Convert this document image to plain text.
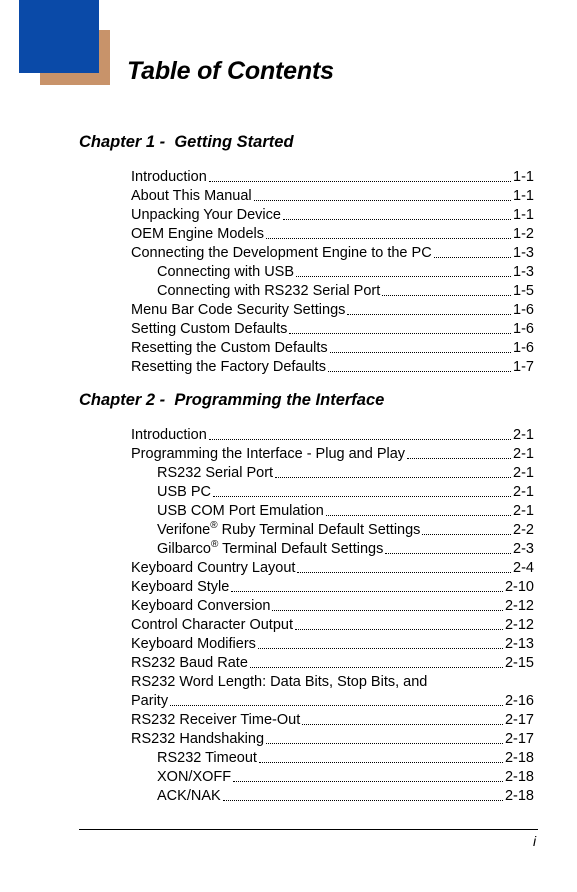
Table of Contents
Chapter 1 -  Getting Started
Introduction	1-1
About This Manual	1-1
Unpacking Your Device	1-1
OEM Engine Models	1-2
Connecting the Development Engine to the PC	1-3
Connecting with USB	1-3
Connecting with RS232 Serial Port	1-5
Menu Bar Code Security Settings	1-6
Setting Custom Defaults	1-6
Resetting the Custom Defaults	1-6
Resetting the Factory Defaults	1-7
Chapter 2 -  Programming the Interface
Introduction	2-1
Programming the Interface - Plug and Play	2-1
RS232 Serial Port	2-1
USB PC	2-1
USB COM Port Emulation	2-1
Verifone® Ruby Terminal Default Settings	2-2
Gilbarco® Terminal Default Settings	2-3
Keyboard Country Layout	2-4
Keyboard Style	2-10
Keyboard Conversion	2-12
Control Character Output	2-12
Keyboard Modifiers	2-13
RS232 Baud Rate	2-15
RS232 Word Length: Data Bits, Stop Bits, and
Parity	2-16
RS232 Receiver Time-Out	2-17
RS232 Handshaking	2-17
RS232 Timeout	2-18
XON/XOFF	2-18
ACK/NAK	2-18
i
